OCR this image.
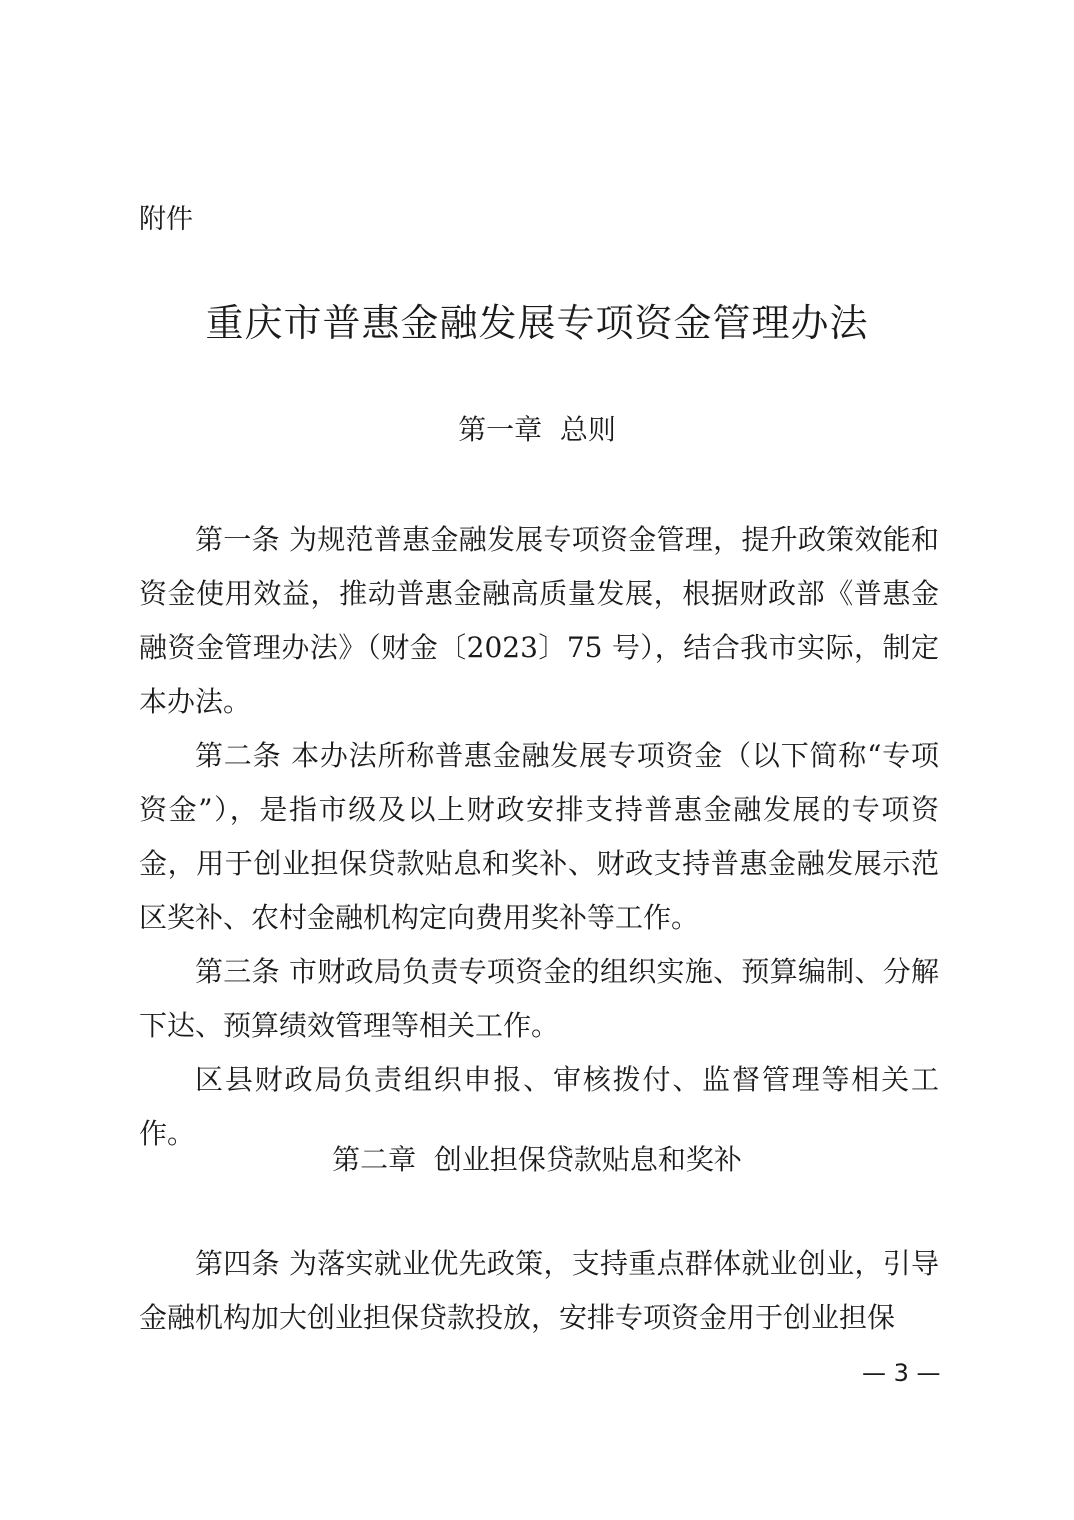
附件
重庆市普惠金融发展专项资金管理办法
第一章  总则

第一条 为规范普惠金融发展专项资金管理，提升政策效能和资金使用效益，推动普惠金融高质量发展，根据财政部《普惠金融资金管理办法》（财金〔2023〕75 号），结合我市实际，制定本办法。

第二条 本办法所称普惠金融发展专项资金（以下简称“专项资金”），是指市级及以上财政安排支持普惠金融发展的专项资金，用于创业担保贷款贴息和奖补、财政支持普惠金融发展示范区奖补、农村金融机构定向费用奖补等工作。

第三条 市财政局负责专项资金的组织实施、预算编制、分解下达、预算绩效管理等相关工作。

区县财政局负责组织申报、审核拨付、监督管理等相关工作。

第二章  创业担保贷款贴息和奖补

第四条 为落实就业优先政策，支持重点群体就业创业，引导金融机构加大创业担保贷款投放，安排专项资金用于创业担保

— 3 —
